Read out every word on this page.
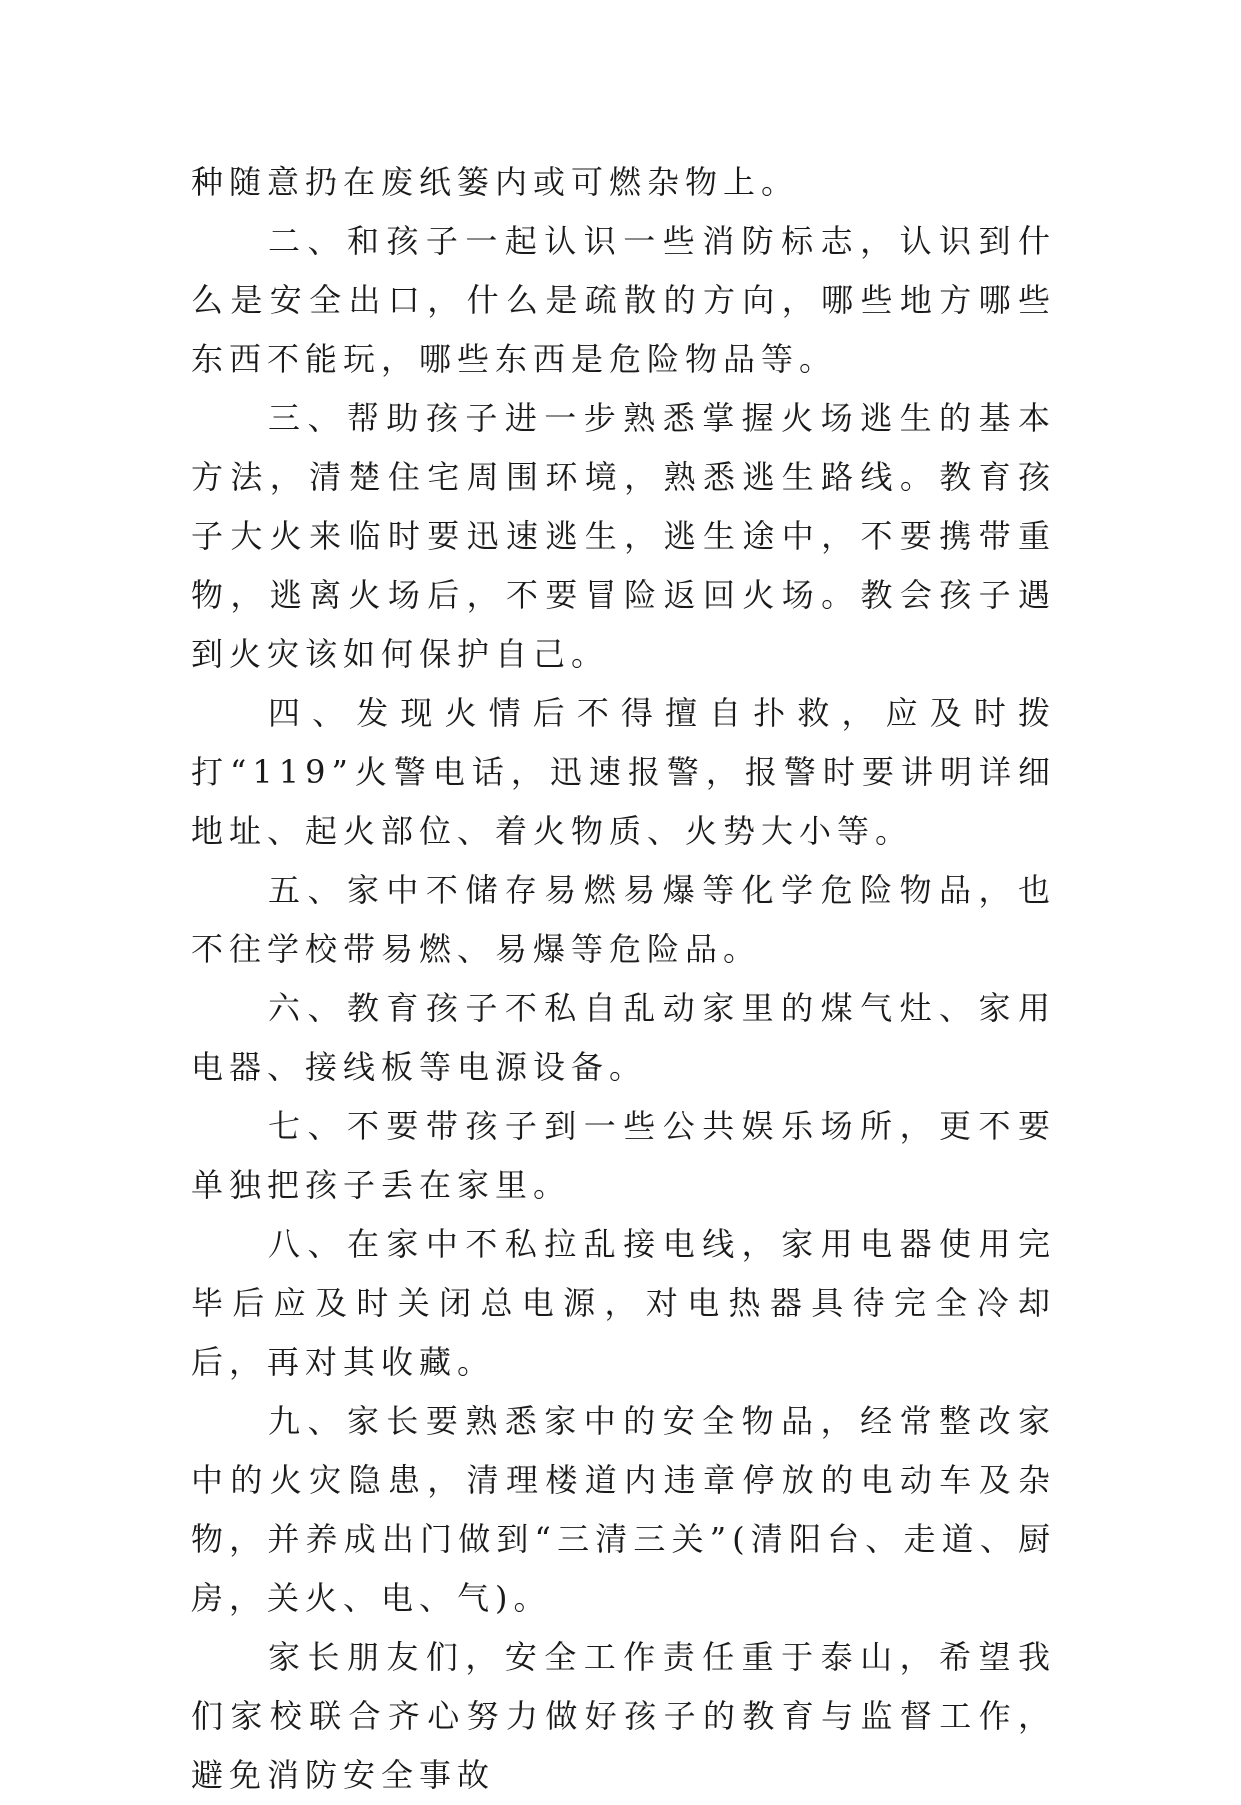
种随意扔在废纸篓内或可燃杂物上。

二、和孩子一起认识一些消防标志，认识到什么是安全出口，什么是疏散的方向，哪些地方哪些东西不能玩，哪些东西是危险物品等。

三、帮助孩子进一步熟悉掌握火场逃生的基本方法，清楚住宅周围环境，熟悉逃生路线。教育孩子大火来临时要迅速逃生，逃生途中，不要携带重物，逃离火场后，不要冒险返回火场。教会孩子遇到火灾该如何保护自己。

四、发现火情后不得擅自扑救，应及时拨打“119”火警电话，迅速报警，报警时要讲明详细地址、起火部位、着火物质、火势大小等。

五、家中不储存易燃易爆等化学危险物品，也不往学校带易燃、易爆等危险品。

六、教育孩子不私自乱动家里的煤气灶、家用电器、接线板等电源设备。

七、不要带孩子到一些公共娱乐场所，更不要单独把孩子丢在家里。

八、在家中不私拉乱接电线，家用电器使用完毕后应及时关闭总电源，对电热器具待完全冷却后，再对其收藏。

九、家长要熟悉家中的安全物品，经常整改家中的火灾隐患，清理楼道内违章停放的电动车及杂物，并养成出门做到“三清三关”(清阳台、走道、厨房，关火、电、气)。

家长朋友们，安全工作责任重于泰山，希望我们家校联合齐心努力做好孩子的教育与监督工作，避免消防安全事故
